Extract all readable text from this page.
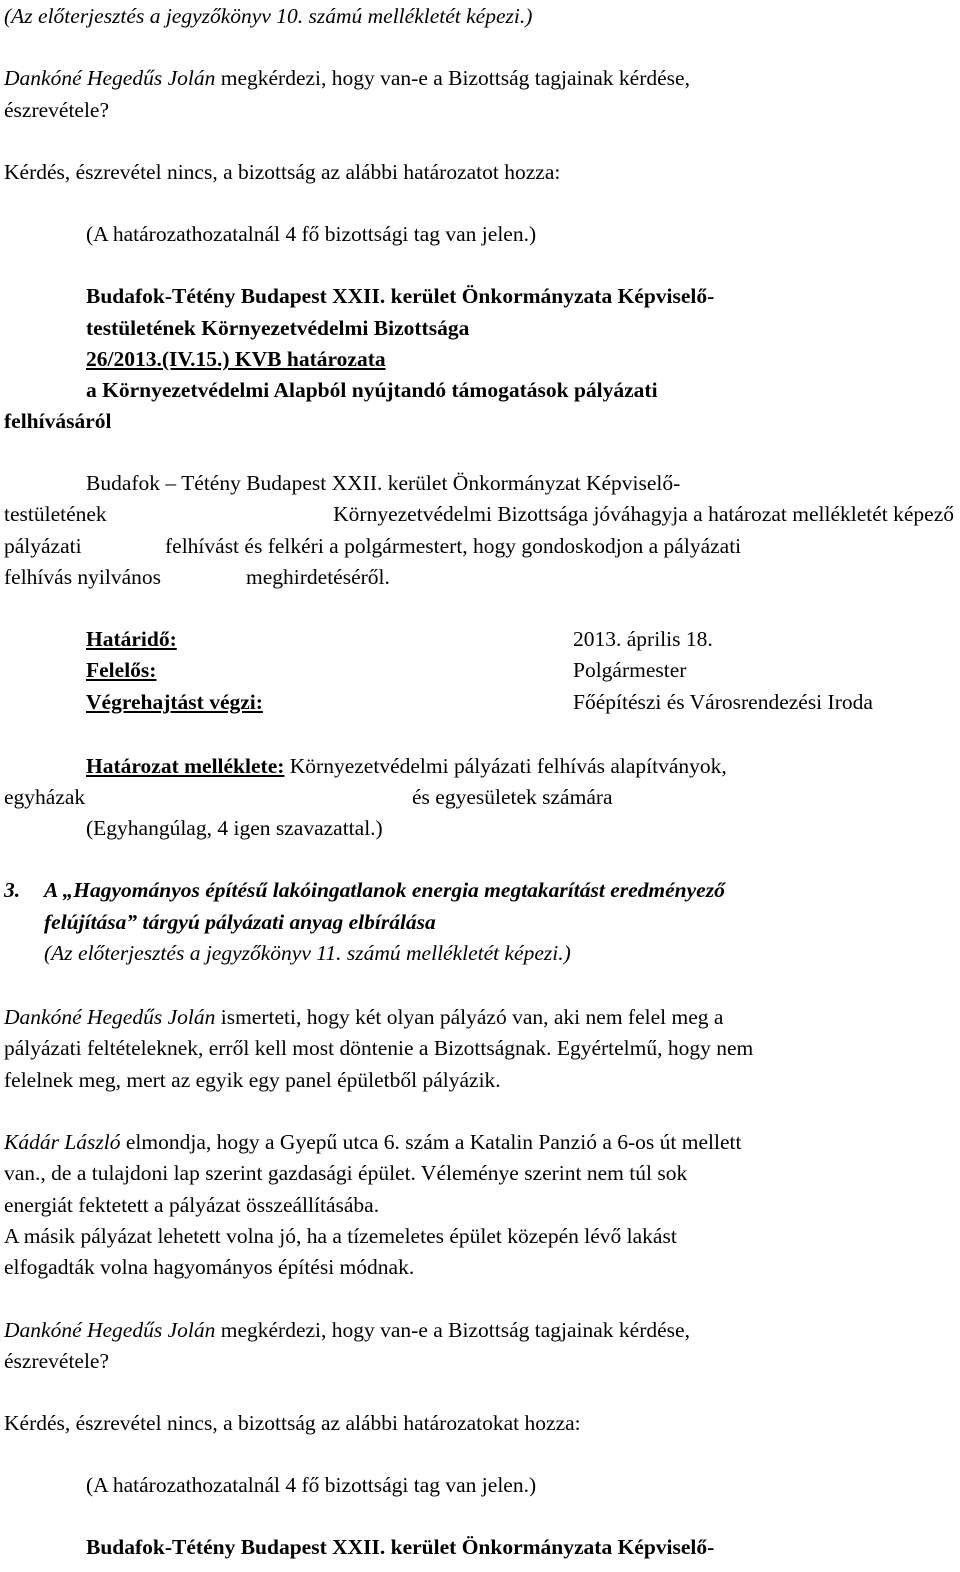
(Az előterjesztés a jegyzőkönyv 10. számú mellékletét képezi.)
Dankóné Hegedűs Jolán megkérdezi, hogy van-e a Bizottság tagjainak kérdése,
észrevétele?
Kérdés, észrevétel nincs, a bizottság az alábbi határozatot hozza:
(A határozathozatalnál 4 fő bizottsági tag van jelen.)
Budafok-Tétény Budapest XXII. kerület Önkormányzata Képviselő-
testületének Környezetvédelmi Bizottsága
26/2013.(IV.15.) KVB határozata
a Környezetvédelmi Alapból nyújtandó támogatások pályázati
felhívásáról
Budafok – Tétény Budapest XXII. kerület Önkormányzat Képviselő-
testületének	Környezetvédelmi Bizottsága jóváhagyja a határozat mellékletét képező
pályázati	felhívást és felkéri a polgármestert, hogy gondoskodjon a pályázati
felhívás nyilvános	meghirdetéséről.
Határidő:	2013. április 18.
Felelős:	Polgármester
Végrehajtást végzi:	Főépítészi és Városrendezési Iroda
Határozat melléklete: Környezetvédelmi pályázati felhívás alapítványok,
egyházak	és egyesületek számára
(Egyhangúlag, 4 igen szavazattal.)
3. A „Hagyományos építésű lakóingatlanok energia megtakarítást eredményező
felújítása” tárgyú pályázati anyag elbírálása
(Az előterjesztés a jegyzőkönyv 11. számú mellékletét képezi.)
Dankóné Hegedűs Jolán ismerteti, hogy két olyan pályázó van, aki nem felel meg a
pályázati feltételeknek, erről kell most döntenie a Bizottságnak. Egyértelmű, hogy nem
felelnek meg, mert az egyik egy panel épületből pályázik.
Kádár László elmondja, hogy a Gyepű utca 6. szám a Katalin Panzió a 6-os út mellett
van., de a tulajdoni lap szerint gazdasági épület. Véleménye szerint nem túl sok
energiát fektetett a pályázat összeállításába.
A másik pályázat lehetett volna jó, ha a tízemeletes épület közepén lévő lakást
elfogadták volna hagyományos építési módnak.
Dankóné Hegedűs Jolán megkérdezi, hogy van-e a Bizottság tagjainak kérdése,
észrevétele?
Kérdés, észrevétel nincs, a bizottság az alábbi határozatokat hozza:
(A határozathozatalnál 4 fő bizottsági tag van jelen.)
Budafok-Tétény Budapest XXII. kerület Önkormányzata Képviselő-
